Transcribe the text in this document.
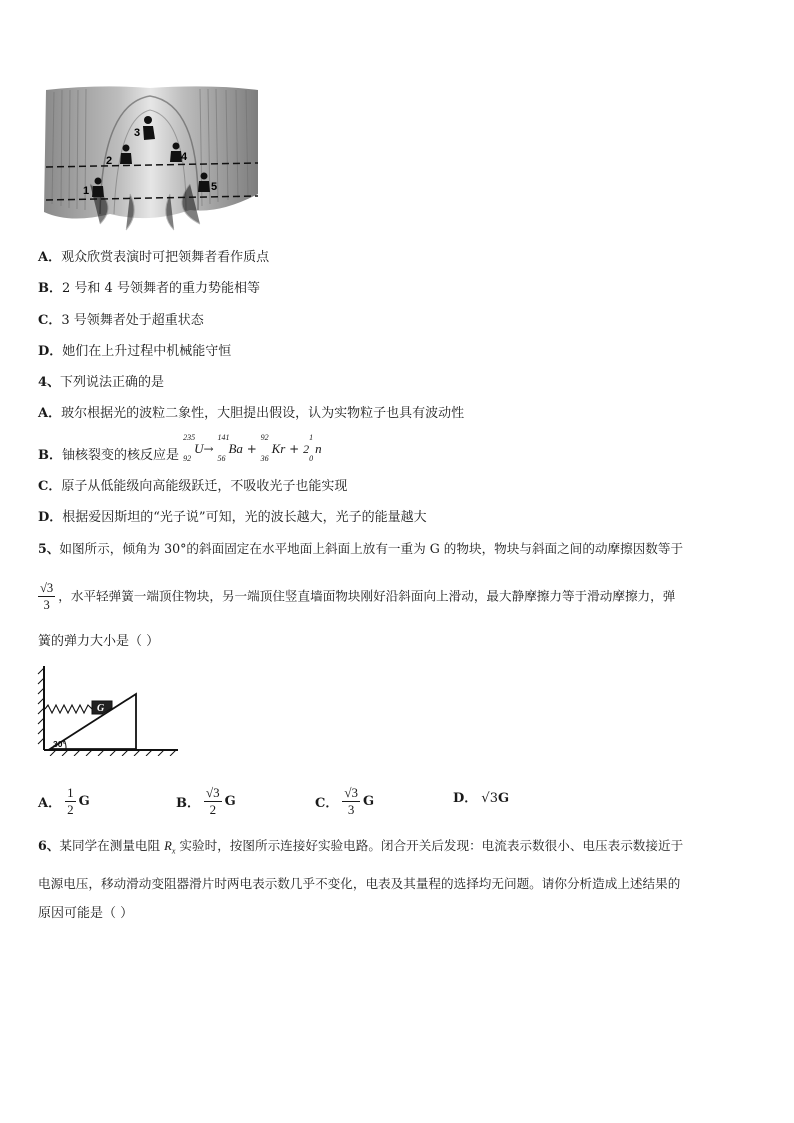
3
2	4
1	5
A．观众欣赏表演时可把领舞者看作质点
B．2 号和 4 号领舞者的重力势能相等
C．3 号领舞者处于超重状态
D．她们在上升过程中机械能守恒
4、下列说法正确的是
A．玻尔根据光的波粒二象性，大胆提出假设，认为实物粒子也具有波动性
B．铀核裂变的核反应是
235
92
U→
141
56
Ba +
92
36
Kr + 2
1
0
n
C．原子从低能级向高能级跃迁，不吸收光子也能实现
D．根据爱因斯坦的“光子说”可知，光的波长越大，光子的能量越大
5、如图所示，倾角为 30°的斜面固定在水平地面上斜面上放有一重为 G 的物块，物块与斜面之间的动摩擦因数等于
$\frac{√3}{3}$ ，水平轻弹簧一端顶住物块，另一端顶住竖直墙面物块刚好沿斜面向上滑动，最大静摩擦力等于滑动摩擦力，弹
簧的弹力大小是（ ）
G
30°
A． $\frac{1}{2}$ G	B． $\frac{√3}{2}$ G	C． $\frac{√3}{3}$ G	D． √3G
6、某同学在测量电阻 $R_x$ 实验时，按图所示连接好实验电路。闭合开关后发现：电流表示数很小、电压表示数接近于
电源电压，移动滑动变阻器滑片时两电表示数几乎不变化，电表及其量程的选择均无问题。请你分析造成上述结果的
原因可能是（ ）
